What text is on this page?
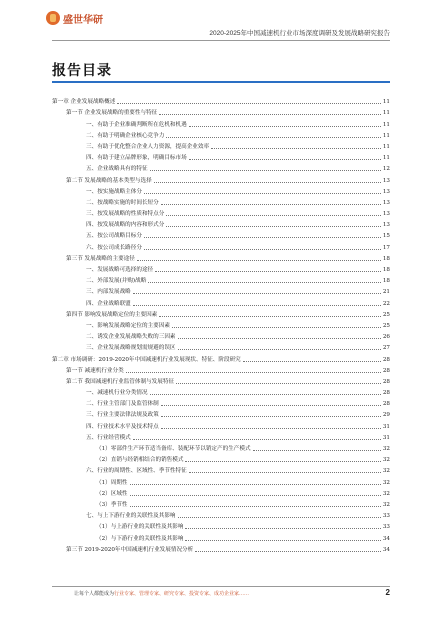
盛世华研
2020-2025年中国减速机行业市场深度调研及发展战略研究报告
报告目录
第一章 企业发展战略概述	11
第一节 企业发展战略的重要性与特征	11
一、有助于企业准确判断所在危机和机遇	11
二、有助于明确企业核心竞争力	11
三、有助于优化整合企业人力资源，提高企业效率	11
四、有助于建立品牌形象，明确目标市场	11
五、企业战略具有的特征	12
第二节 发展战略的基本类型与选择	13
一、按实施战略主体分	13
二、按战略实施的时间长短分	13
三、按发展战略的性质和特点分	13
四、按发展战略的内容和形式分	13
五、按公司战略目标分	15
六、按公司成长路径分	17
第三节 发展战略的主要途径	18
一、发展战略可选择的途径	18
二、外部发展(并购)战略	18
三、内部发展战略	21
四、企业战略联盟	22
第四节 影响发展战略定位的主要因素	25
一、影响发展战略定位的主要因素	25
二、诱发企业发展战略失败的三因素	26
三、企业发展战略规划需规避的误区	27
第二章 市场调研：2019-2020年中国减速机行业发展现状、特征、阶段研究	28
第一节 减速机行业分类	28
第二节 我国减速机行业监管体制与发展特征	28
一、减速机行业分类情况	28
二、行业主管部门及监管体制	28
三、行业主要法律法规及政策	29
四、行业技术水平及技术特点	31
五、行业经营模式	31
（1）零部件生产环节适当备库、装配环节以销定产的生产模式	32
（2）直销与经销相结合的销售模式	32
六、行业的周期性、区域性、季节性特征	32
（1）周期性	32
（2）区域性	32
（3）季节性	32
七、与上下游行业的关联性及其影响	33
（1）与上游行业的关联性及其影响	33
（2）与下游行业的关联性及其影响	34
第三节 2019-2020年中国减速机行业发展情况分析	34
让每个人都能成为行业专家、管理专家、研究专家、投资专家、成功企业家……	2
